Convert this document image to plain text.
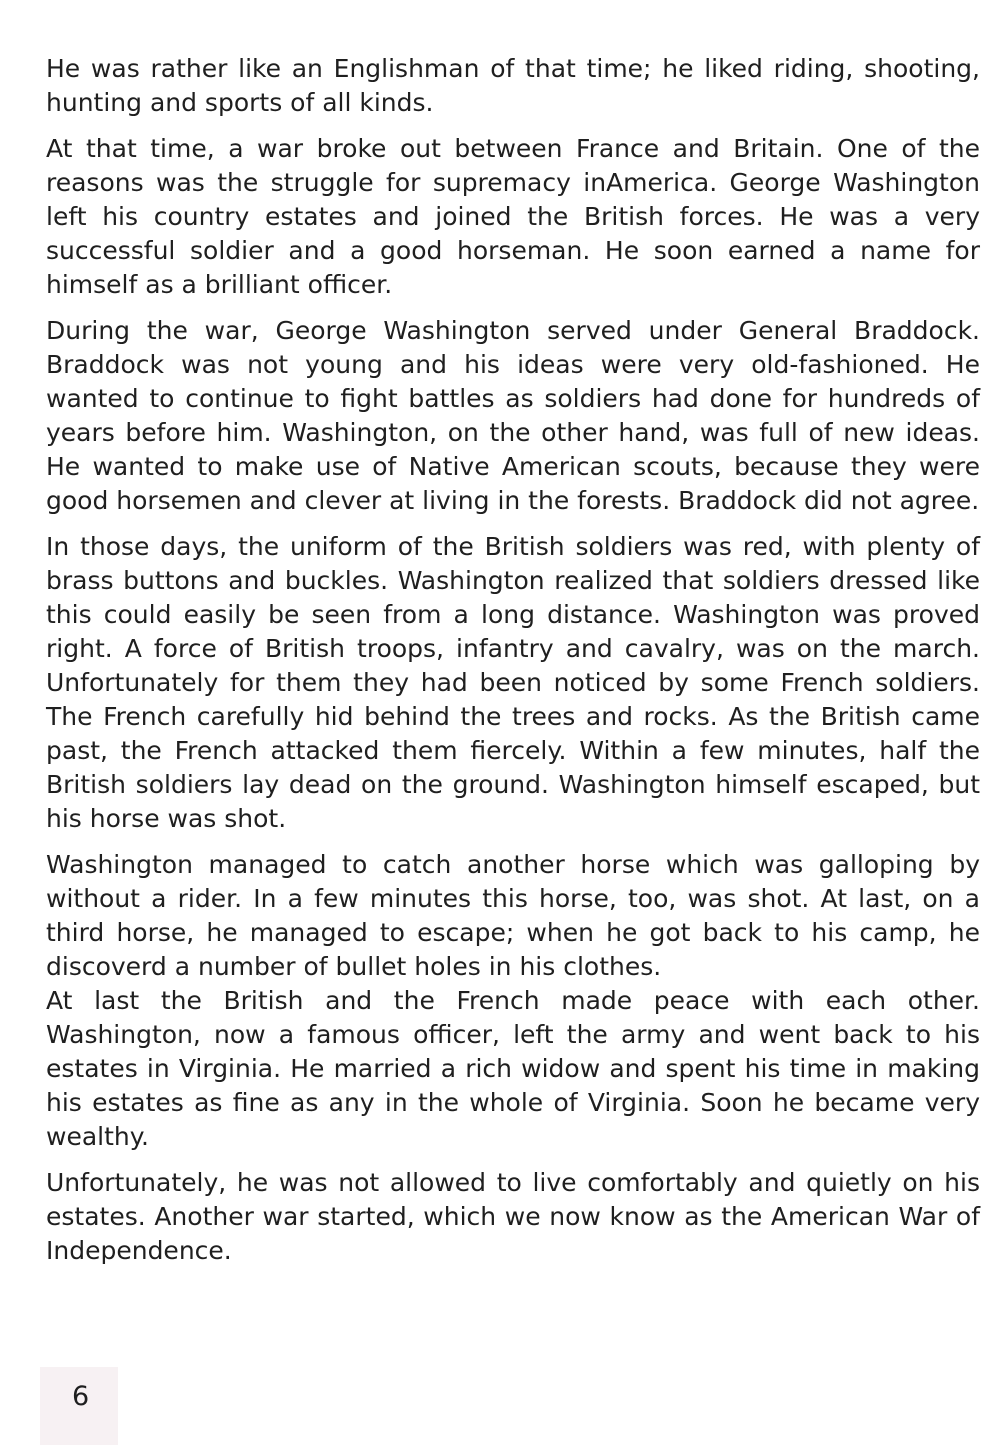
He was rather like an Englishman of that time; he liked riding, shooting, hunting and sports of all kinds.

At that time, a war broke out between France and Britain. One of the reasons was the struggle for supremacy inAmerica. George Washington left his country estates and joined the British forces. He was a very successful soldier and a good horseman. He soon earned a name for himself as a brilliant officer.

During the war, George Washington served under General Braddock. Braddock was not young and his ideas were very old-fashioned. He wanted to continue to fight battles as soldiers had done for hundreds of years before him. Washington, on the other hand, was full of new ideas. He wanted to make use of Native American scouts, because they were good horsemen and clever at living in the forests. Braddock did not agree.

In those days, the uniform of the British soldiers was red, with plenty of brass buttons and buckles. Washington realized that soldiers dressed like this could easily be seen from a long distance. Washington was proved right. A force of British troops, infantry and cavalry, was on the march. Unfortunately for them they had been noticed by some French soldiers. The French carefully hid behind the trees and rocks. As the British came past, the French attacked them fiercely. Within a few minutes, half the British soldiers lay dead on the ground. Washington himself escaped, but his horse was shot.

Washington managed to catch another horse which was galloping by without a rider. In a few minutes this horse, too, was shot. At last, on a third horse, he managed to escape; when he got back to his camp, he discoverd a number of bullet holes in his clothes.

At last the British and the French made peace with each other. Washington, now a famous officer, left the army and went back to his estates in Virginia. He married a rich widow and spent his time in making his estates as fine as any in the whole of Virginia. Soon he became very wealthy.

Unfortunately, he was not allowed to live comfortably and quietly on his estates. Another war started, which we now know as the American War of Independence.

6
